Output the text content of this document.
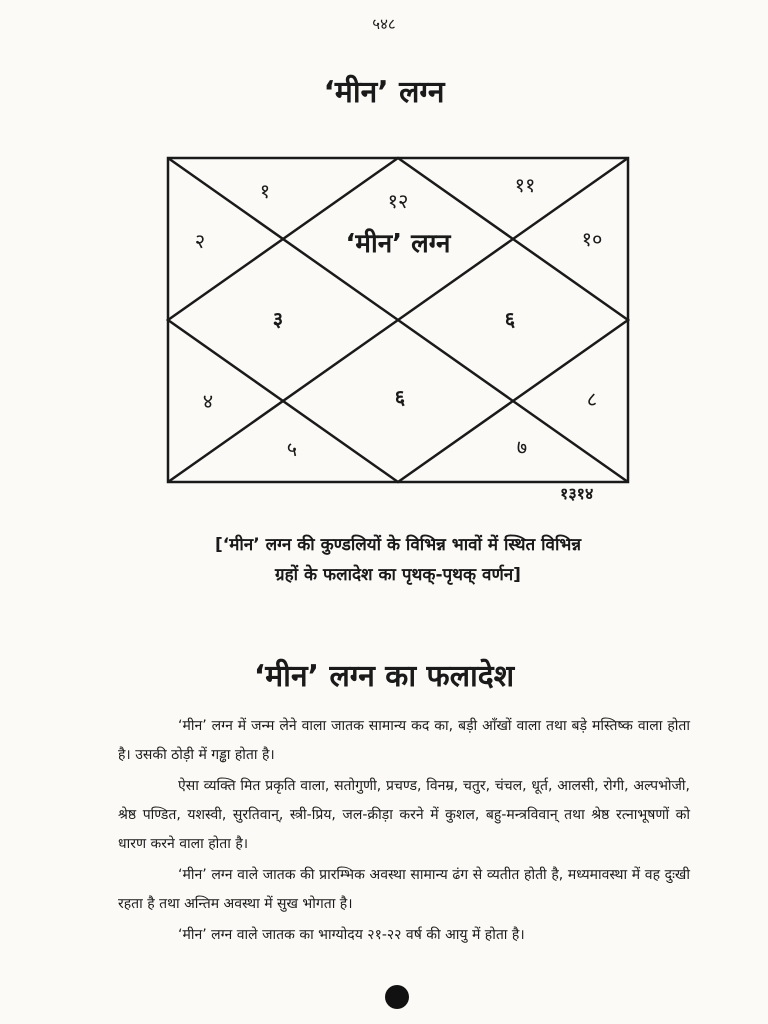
५४८
‘मीन’ लग्न
१२
‘मीन’ लग्न
१	११
२	१०
३	६
४	६	८
५	७
१३१४
[‘मीन’ लग्न की कुण्डलियों के विभिन्न भावों में स्थित विभिन्न
ग्रहों के फलादेश का पृथक्-पृथक् वर्णन]
‘मीन’ लग्न का फलादेश

‘मीन’ लग्न में जन्म लेने वाला जातक सामान्य कद का, बड़ी आँखों वाला तथा बड़े मस्तिष्क वाला होता है। उसकी ठोड़ी में गड्ढा होता है।

ऐसा व्यक्ति मित प्रकृति वाला, सतोगुणी, प्रचण्ड, विनम्र, चतुर, चंचल, धूर्त, आलसी, रोगी, अल्पभोजी, श्रेष्ठ पण्डित, यशस्वी, सुरतिवान्, स्त्री-प्रिय, जल-क्रीड़ा करने में कुशल, बहु-मन्त्रविवान् तथा श्रेष्ठ रत्नाभूषणों को धारण करने वाला होता है।

‘मीन’ लग्न वाले जातक की प्रारम्भिक अवस्था सामान्य ढंग से व्यतीत होती है, मध्यमावस्था में वह दुःखी रहता है तथा अन्तिम अवस्था में सुख भोगता है।

‘मीन’ लग्न वाले जातक का भाग्योदय २१-२२ वर्ष की आयु में होता है।
